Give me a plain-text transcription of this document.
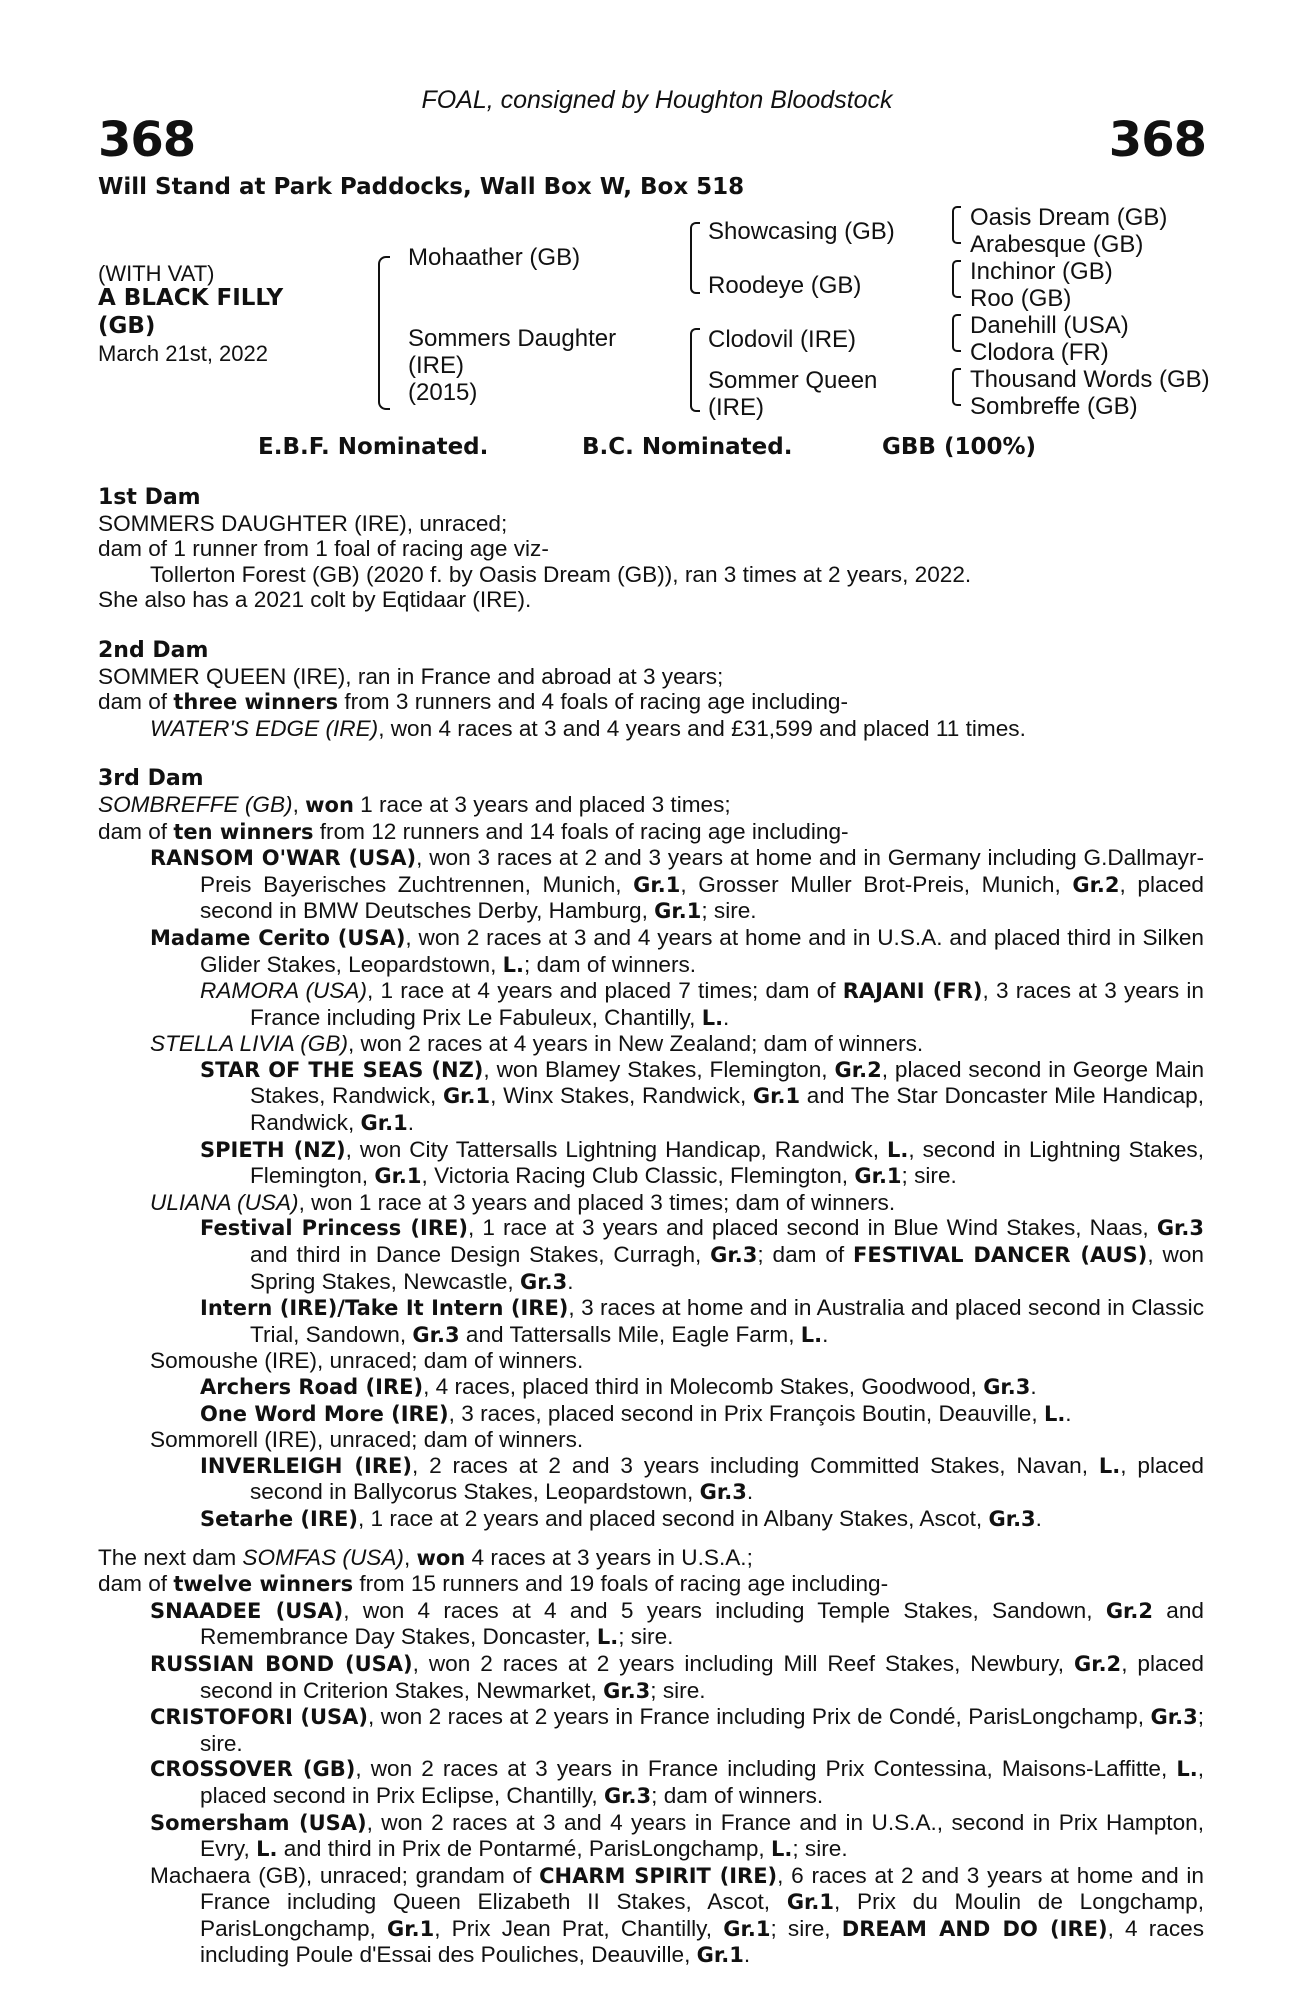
FOAL, consigned by Houghton Bloodstock
368	368
Will Stand at Park Paddocks, Wall Box W, Box 518
(WITH VAT)
A BLACK FILLY
(GB)
March 21st, 2022
Mohaather (GB)
Sommers Daughter
(IRE)
(2015)
Showcasing (GB)
Roodeye (GB)
Clodovil (IRE)
Sommer Queen
(IRE)
Oasis Dream (GB)
Arabesque (GB)
Inchinor (GB)
Roo (GB)
Danehill (USA)
Clodora (FR)
Thousand Words (GB)
Sombreffe (GB)
E.B.F. Nominated.	B.C. Nominated.	GBB (100%)

1st Dam

SOMMERS DAUGHTER (IRE), unraced;

dam of 1 runner from 1 foal of racing age viz-

Tollerton Forest (GB) (2020 f. by Oasis Dream (GB)), ran 3 times at 2 years, 2022.

She also has a 2021 colt by Eqtidaar (IRE).

2nd Dam

SOMMER QUEEN (IRE), ran in France and abroad at 3 years;

dam of three winners from 3 runners and 4 foals of racing age including-

WATER'S EDGE (IRE), won 4 races at 3 and 4 years and £31,599 and placed 11 times.

3rd Dam

SOMBREFFE (GB), won 1 race at 3 years and placed 3 times;

dam of ten winners from 12 runners and 14 foals of racing age including-

RANSOM O'WAR (USA), won 3 races at 2 and 3 years at home and in Germany including G.Dallmayr-Preis Bayerisches Zuchtrennen, Munich, Gr.1, Grosser Muller Brot-Preis, Munich, Gr.2, placed second in BMW Deutsches Derby, Hamburg, Gr.1; sire.

Madame Cerito (USA), won 2 races at 3 and 4 years at home and in U.S.A. and placed third in Silken Glider Stakes, Leopardstown, L.; dam of winners.

RAMORA (USA), 1 race at 4 years and placed 7 times; dam of RAJANI (FR), 3 races at 3 years in France including Prix Le Fabuleux, Chantilly, L..

STELLA LIVIA (GB), won 2 races at 4 years in New Zealand; dam of winners.

STAR OF THE SEAS (NZ), won Blamey Stakes, Flemington, Gr.2, placed second in George Main Stakes, Randwick, Gr.1, Winx Stakes, Randwick, Gr.1 and The Star Doncaster Mile Handicap, Randwick, Gr.1.

SPIETH (NZ), won City Tattersalls Lightning Handicap, Randwick, L., second in Lightning Stakes, Flemington, Gr.1, Victoria Racing Club Classic, Flemington, Gr.1; sire.

ULIANA (USA), won 1 race at 3 years and placed 3 times; dam of winners.

Festival Princess (IRE), 1 race at 3 years and placed second in Blue Wind Stakes, Naas, Gr.3 and third in Dance Design Stakes, Curragh, Gr.3; dam of FESTIVAL DANCER (AUS), won Spring Stakes, Newcastle, Gr.3.

Intern (IRE)/Take It Intern (IRE), 3 races at home and in Australia and placed second in Classic Trial, Sandown, Gr.3 and Tattersalls Mile, Eagle Farm, L..

Somoushe (IRE), unraced; dam of winners.

Archers Road (IRE), 4 races, placed third in Molecomb Stakes, Goodwood, Gr.3.

One Word More (IRE), 3 races, placed second in Prix François Boutin, Deauville, L..

Sommorell (IRE), unraced; dam of winners.

INVERLEIGH (IRE), 2 races at 2 and 3 years including Committed Stakes, Navan, L., placed second in Ballycorus Stakes, Leopardstown, Gr.3.

Setarhe (IRE), 1 race at 2 years and placed second in Albany Stakes, Ascot, Gr.3.

The next dam SOMFAS (USA), won 4 races at 3 years in U.S.A.;

dam of twelve winners from 15 runners and 19 foals of racing age including-

SNAADEE (USA), won 4 races at 4 and 5 years including Temple Stakes, Sandown, Gr.2 and Remembrance Day Stakes, Doncaster, L.; sire.

RUSSIAN BOND (USA), won 2 races at 2 years including Mill Reef Stakes, Newbury, Gr.2, placed second in Criterion Stakes, Newmarket, Gr.3; sire.

CRISTOFORI (USA), won 2 races at 2 years in France including Prix de Condé, ParisLongchamp, Gr.3; sire.

CROSSOVER (GB), won 2 races at 3 years in France including Prix Contessina, Maisons-Laffitte, L., placed second in Prix Eclipse, Chantilly, Gr.3; dam of winners.

Somersham (USA), won 2 races at 3 and 4 years in France and in U.S.A., second in Prix Hampton, Evry, L. and third in Prix de Pontarmé, ParisLongchamp, L.; sire.

Machaera (GB), unraced; grandam of CHARM SPIRIT (IRE), 6 races at 2 and 3 years at home and in France including Queen Elizabeth II Stakes, Ascot, Gr.1, Prix du Moulin de Longchamp, ParisLongchamp, Gr.1, Prix Jean Prat, Chantilly, Gr.1; sire, DREAM AND DO (IRE), 4 races including Poule d'Essai des Pouliches, Deauville, Gr.1.
